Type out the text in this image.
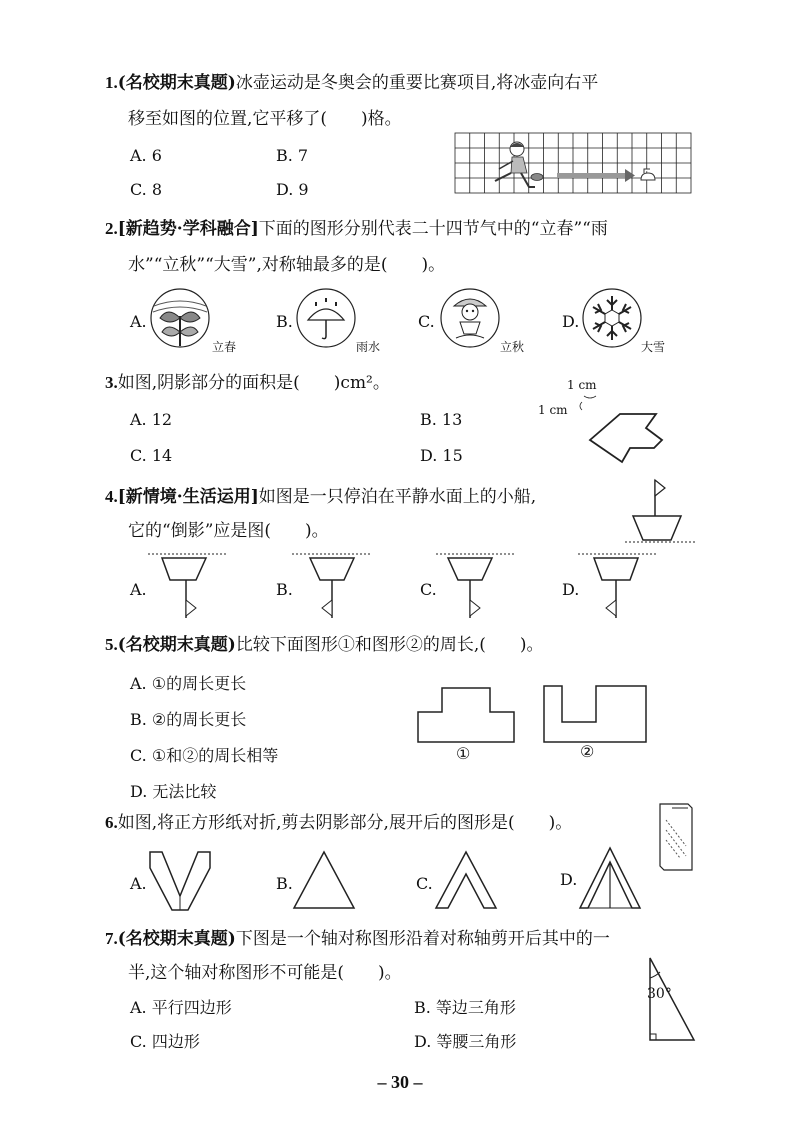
1.(名校期末真题)冰壶运动是冬奥会的重要比赛项目,将冰壶向右平
移至如图的位置,它平移了(　　)格。
A. 6	B. 7
C. 8	D. 9
2.[新趋势·学科融合]下面的图形分别代表二十四节气中的“立春”“雨
水”“立秋”“大雪”,对称轴最多的是(　　)。
A.
立春
B.
雨水
C.
立秋
D.
大雪
3.如图,阴影部分的面积是(　　)cm²。
A. 12	B. 13
C. 14	D. 15
1 cm
1 cm
4.[新情境·生活运用]如图是一只停泊在平静水面上的小船,
它的“倒影”应是图(　　)。
A.	B.	C.	D.
5.(名校期末真题)比较下面图形①和图形②的周长,(　　)。
A. ①的周长更长
B. ②的周长更长
C. ①和②的周长相等
D. 无法比较
①	②
6.如图,将正方形纸对折,剪去阴影部分,展开后的图形是(　　)。
A.	B.	C.	D.
7.(名校期末真题)下图是一个轴对称图形沿着对称轴剪开后其中的一
半,这个轴对称图形不可能是(　　)。
A. 平行四边形	B. 等边三角形
C. 四边形	D. 等腰三角形
30°
– 30 –
